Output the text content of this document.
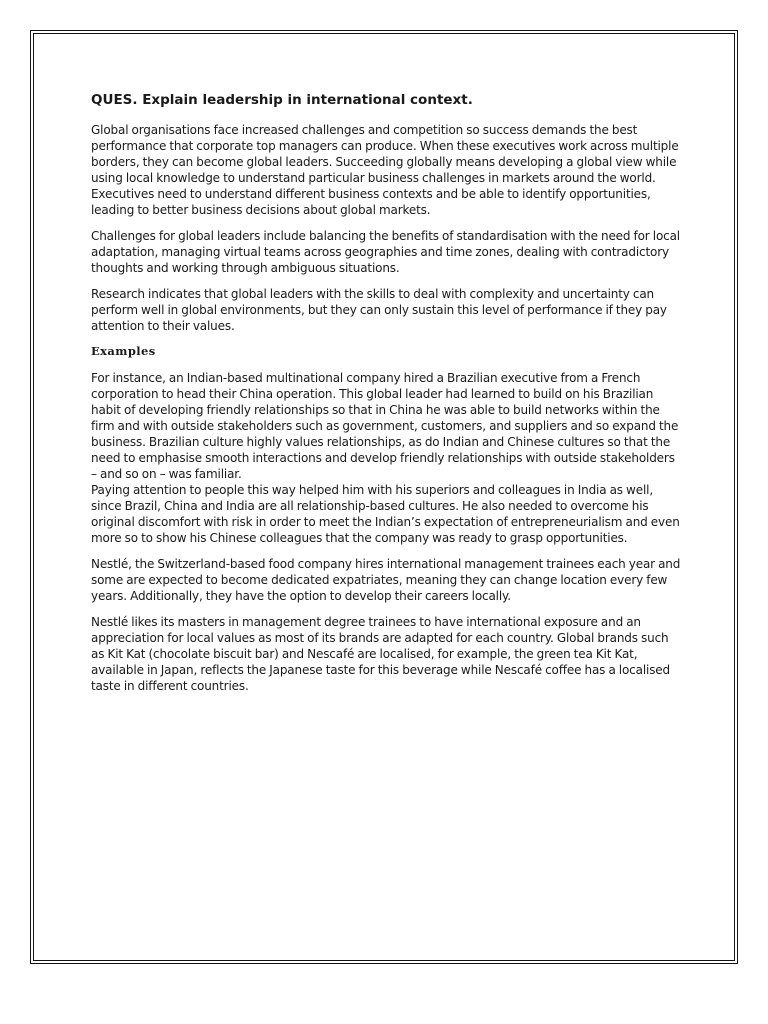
QUES. Explain leadership in international context.

Global organisations face increased challenges and competition so success demands the best performance that corporate top managers can produce. When these executives work across multiple borders, they can become global leaders. Succeeding globally means developing a global view while using local knowledge to understand particular business challenges in markets around the world. Executives need to understand different business contexts and be able to identify opportunities, leading to better business decisions about global markets.

Challenges for global leaders include balancing the benefits of standardisation with the need for local adaptation, managing virtual teams across geographies and time zones, dealing with contradictory thoughts and working through ambiguous situations.

Research indicates that global leaders with the skills to deal with complexity and uncertainty can perform well in global environments, but they can only sustain this level of performance if they pay attention to their values.

Examples

For instance, an Indian-based multinational company hired a Brazilian executive from a French corporation to head their China operation. This global leader had learned to build on his Brazilian habit of developing friendly relationships so that in China he was able to build networks within the firm and with outside stakeholders such as government, customers, and suppliers and so expand the business. Brazilian culture highly values relationships, as do Indian and Chinese cultures so that the need to emphasise smooth interactions and develop friendly relationships with outside stakeholders – and so on – was familiar.

Paying attention to people this way helped him with his superiors and colleagues in India as well, since Brazil, China and India are all relationship-based cultures. He also needed to overcome his original discomfort with risk in order to meet the Indian’s expectation of entrepreneurialism and even more so to show his Chinese colleagues that the company was ready to grasp opportunities.

Nestlé, the Switzerland-based food company hires international management trainees each year and some are expected to become dedicated expatriates, meaning they can change location every few years. Additionally, they have the option to develop their careers locally.

Nestlé likes its masters in management degree trainees to have international exposure and an appreciation for local values as most of its brands are adapted for each country. Global brands such as Kit Kat (chocolate biscuit bar) and Nescafé are localised, for example, the green tea Kit Kat, available in Japan, reflects the Japanese taste for this beverage while Nescafé coffee has a localised taste in different countries.
